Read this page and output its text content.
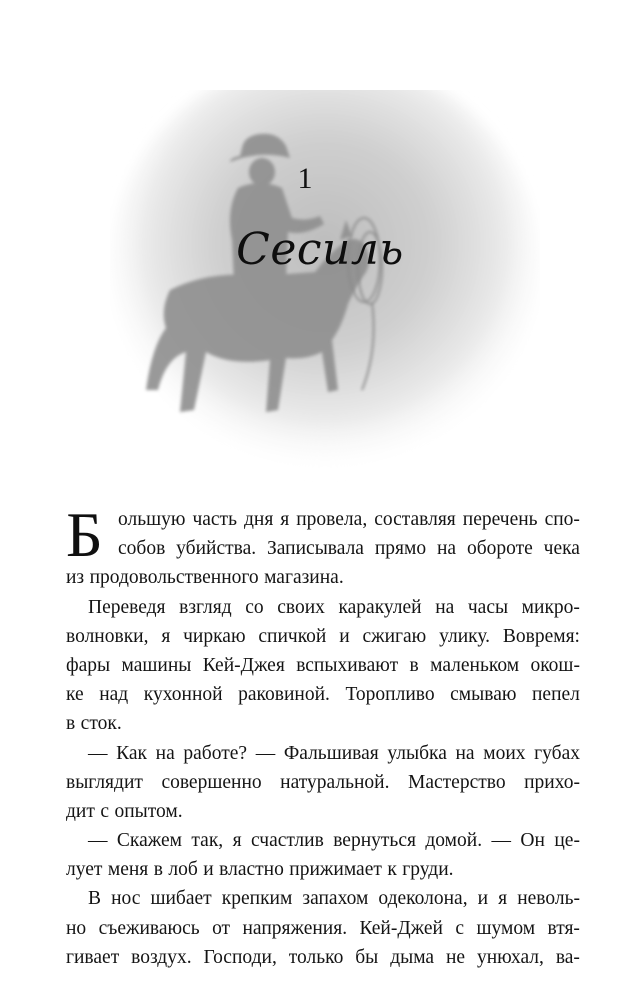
1
Сесиль
Б ольшую часть дня я провела, составляя перечень спо-
собов убийства. Записывала прямо на обороте чека
из продовольственного магазина.
Переведя взгляд со своих каракулей на часы микро-
волновки, я чиркаю спичкой и сжигаю улику. Вовремя:
фары машины Кей-Джея вспыхивают в маленьком окош-
ке над кухонной раковиной. Торопливо смываю пепел
в сток.
— Как на работе? — Фальшивая улыбка на моих губах
выглядит совершенно натуральной. Мастерство прихо-
дит с опытом.
— Скажем так, я счастлив вернуться домой. — Он це-
лует меня в лоб и властно прижимает к груди.
В нос шибает крепким запахом одеколона, и я неволь-
но съеживаюсь от напряжения. Кей-Джей с шумом втя-
гивает воздух. Господи, только бы дыма не унюхал, ва-
